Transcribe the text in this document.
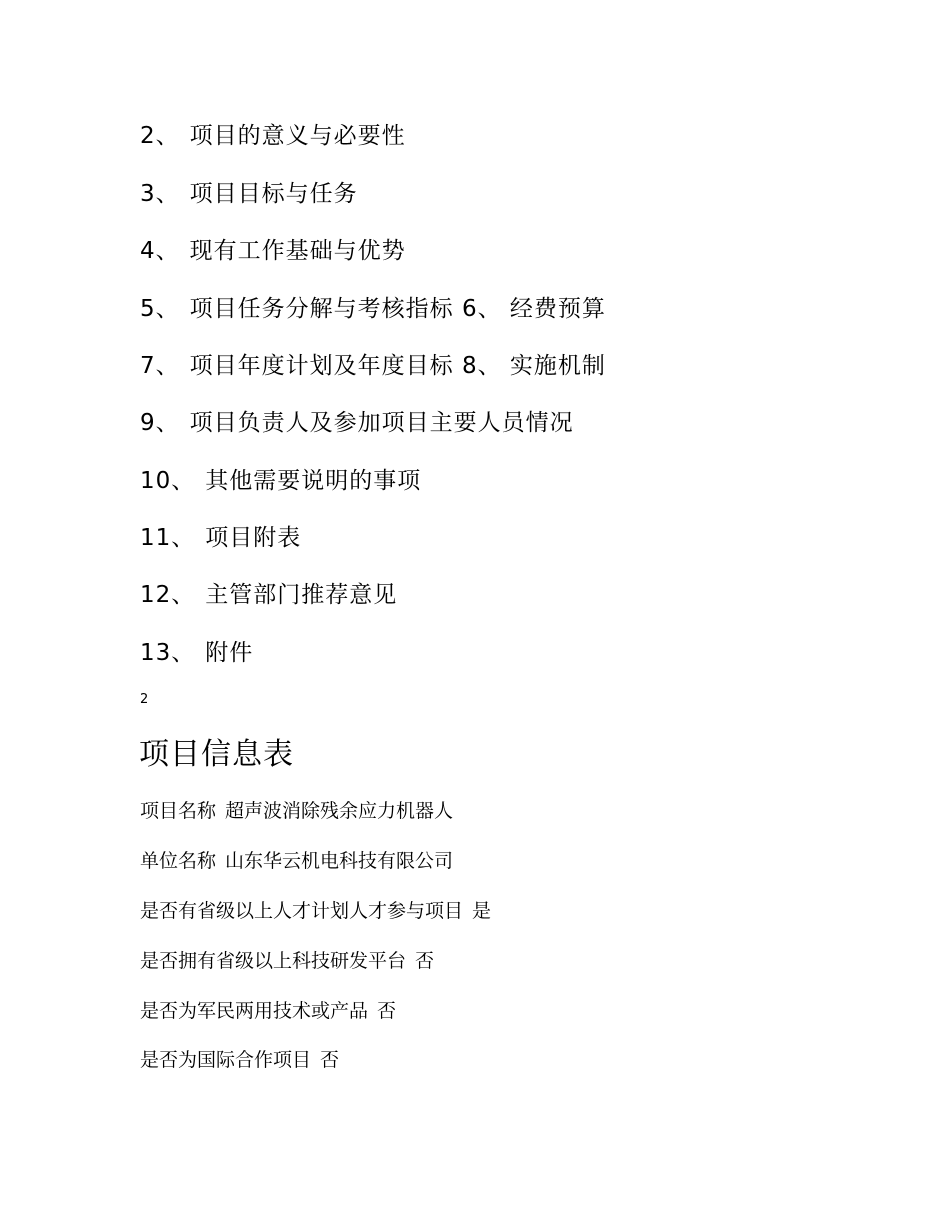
2、 项目的意义与必要性
3、 项目目标与任务
4、 现有工作基础与优势
5、 项目任务分解与考核指标 6、 经费预算
7、 项目年度计划及年度目标 8、 实施机制
9、 项目负责人及参加项目主要人员情况
10、 其他需要说明的事项
11、 项目附表
12、 主管部门推荐意见
13、 附件
2
项目信息表
项目名称 超声波消除残余应力机器人
单位名称 山东华云机电科技有限公司
是否有省级以上人才计划人才参与项目 是
是否拥有省级以上科技研发平台 否
是否为军民两用技术或产品 否
是否为国际合作项目 否
